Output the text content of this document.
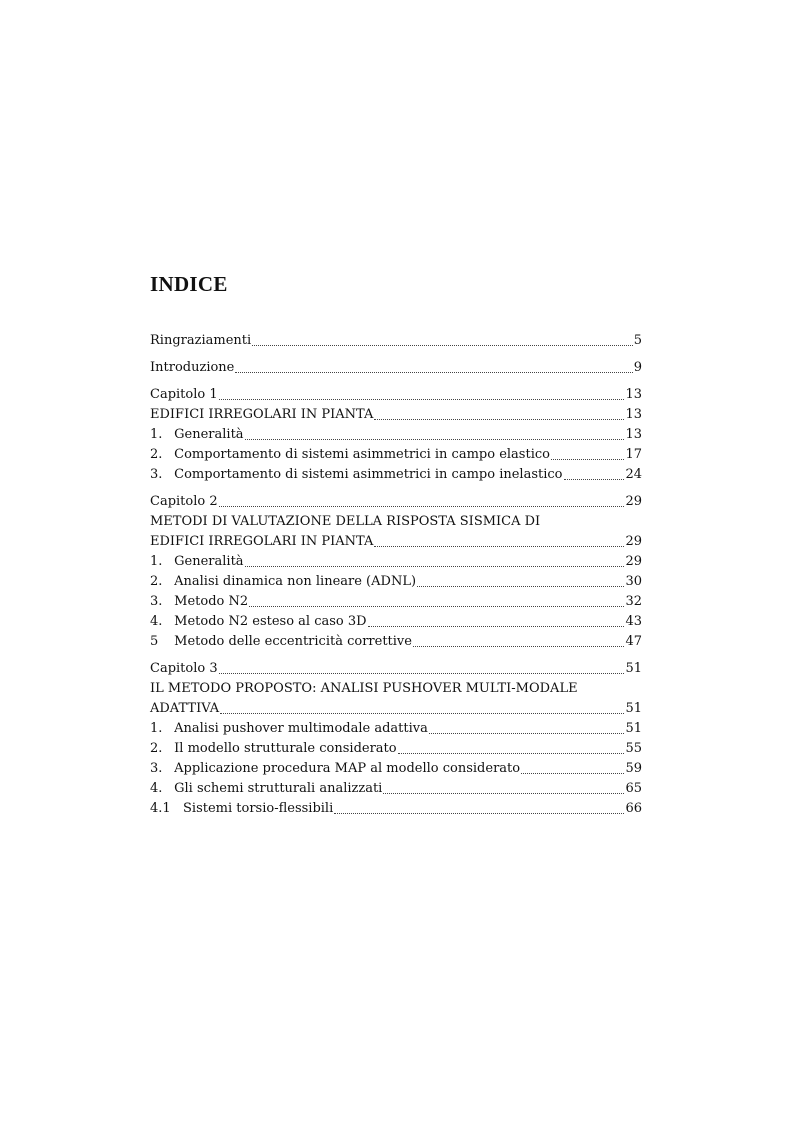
INDICE
Ringraziamenti	5
Introduzione	9
Capitolo 1	13
EDIFICI IRREGOLARI IN PIANTA	13
1. Generalità	13
2. Comportamento di sistemi asimmetrici in campo elastico	17
3. Comportamento di sistemi asimmetrici in campo inelastico	24
Capitolo 2	29
METODI DI VALUTAZIONE DELLA RISPOSTA SISMICA DI
EDIFICI IRREGOLARI IN PIANTA	29
1. Generalità	29
2. Analisi dinamica non lineare (ADNL)	30
3. Metodo N2	32
4. Metodo N2 esteso al caso 3D	43
5 Metodo delle eccentricità correttive	47
Capitolo 3	51
IL METODO PROPOSTO: ANALISI PUSHOVER MULTI-MODALE
ADATTIVA	51
1. Analisi pushover multimodale adattiva	51
2. Il modello strutturale considerato	55
3. Applicazione procedura MAP al modello considerato	59
4. Gli schemi strutturali analizzati	65
4.1 Sistemi torsio-flessibili	66
